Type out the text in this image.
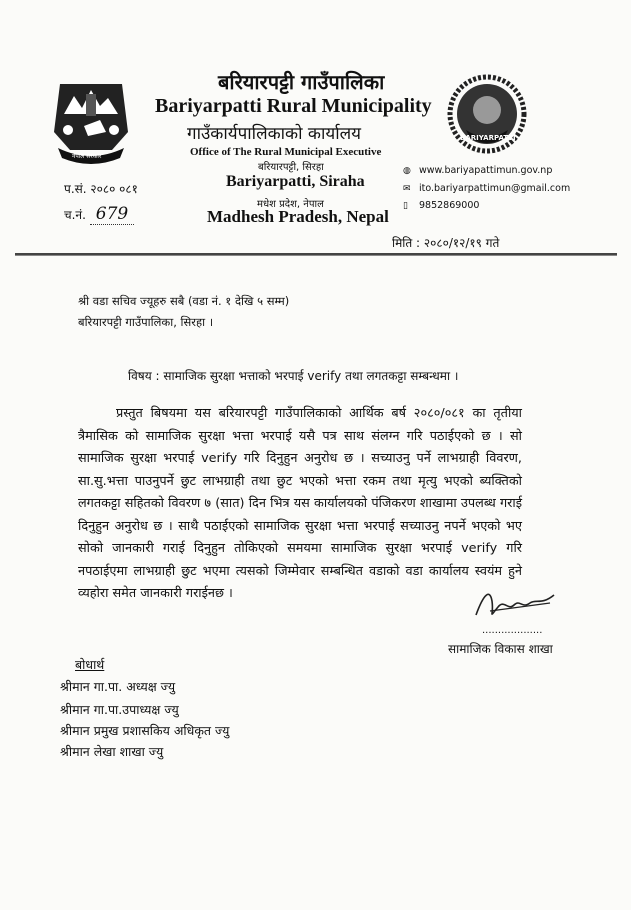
नेपाल सरकार
BARIYARPATTI
बरियारपट्टी गाउँपालिका
Bariyarpatti Rural Municipality
गाउँकार्यपालिकाको कार्यालय
Office of The Rural Municipal Executive
बरियारपट्टी, सिरहा
Bariyarpatti, Siraha
मधेश प्रदेश, नेपाल
Madhesh Pradesh, Nepal
◍ www.bariyapattimun.gov.np
✉ ito.bariyarpattimun@gmail.com
▯ 9852869000
प.सं. २०८० ०८१
च.नं. 679
मिति : २०८०/१२/१९ गते
श्री वडा सचिव ज्यूहरु सबै (वडा नं. १ देखि ५ सम्म)
बरियारपट्टी गाउँपालिका, सिरहा ।
विषय : सामाजिक सुरक्षा भत्ताको भरपाई verify तथा लगतकट्टा सम्बन्धमा ।
प्रस्तुत बिषयमा यस बरियारपट्टी गाउँपालिकाको आर्थिक बर्ष २०८०/०८१ का तृतीया त्रैमासिक को सामाजिक सुरक्षा भत्ता भरपाई यसै पत्र साथ संलग्न गरि पठाईएको छ । सो सामाजिक सुरक्षा भरपाई verify गरि दिनुहुन अनुरोध छ । सच्याउनु पर्ने लाभग्राही विवरण, सा.सु.भत्ता पाउनुपर्ने छुट लाभग्राही तथा छुट भएको भत्ता रकम तथा मृत्यु भएको ब्यक्तिको लगतकट्टा सहितको विवरण ७ (सात) दिन भित्र यस कार्यालयको पंजिकरण शाखामा उपलब्ध गराई दिनुहुन अनुरोध छ । साथै पठाईएको सामाजिक सुरक्षा भत्ता भरपाई सच्याउनु नपर्ने भएको भए सोको जानकारी गराई दिनुहुन तोकिएको समयमा सामाजिक सुरक्षा भरपाई verify गरि नपठाईएमा लाभग्राही छुट भएमा त्यसको जिम्मेवार सम्बन्धित वडाको वडा कार्यालय स्वयंम हुने व्यहोरा समेत जानकारी गराईनछ ।
...................
सामाजिक विकास शाखा
बोधार्थ
श्रीमान गा.पा. अध्यक्ष ज्यु
श्रीमान गा.पा.उपाध्यक्ष ज्यु
श्रीमान प्रमुख प्रशासकिय अधिकृत ज्यु
श्रीमान लेखा शाखा ज्यु
